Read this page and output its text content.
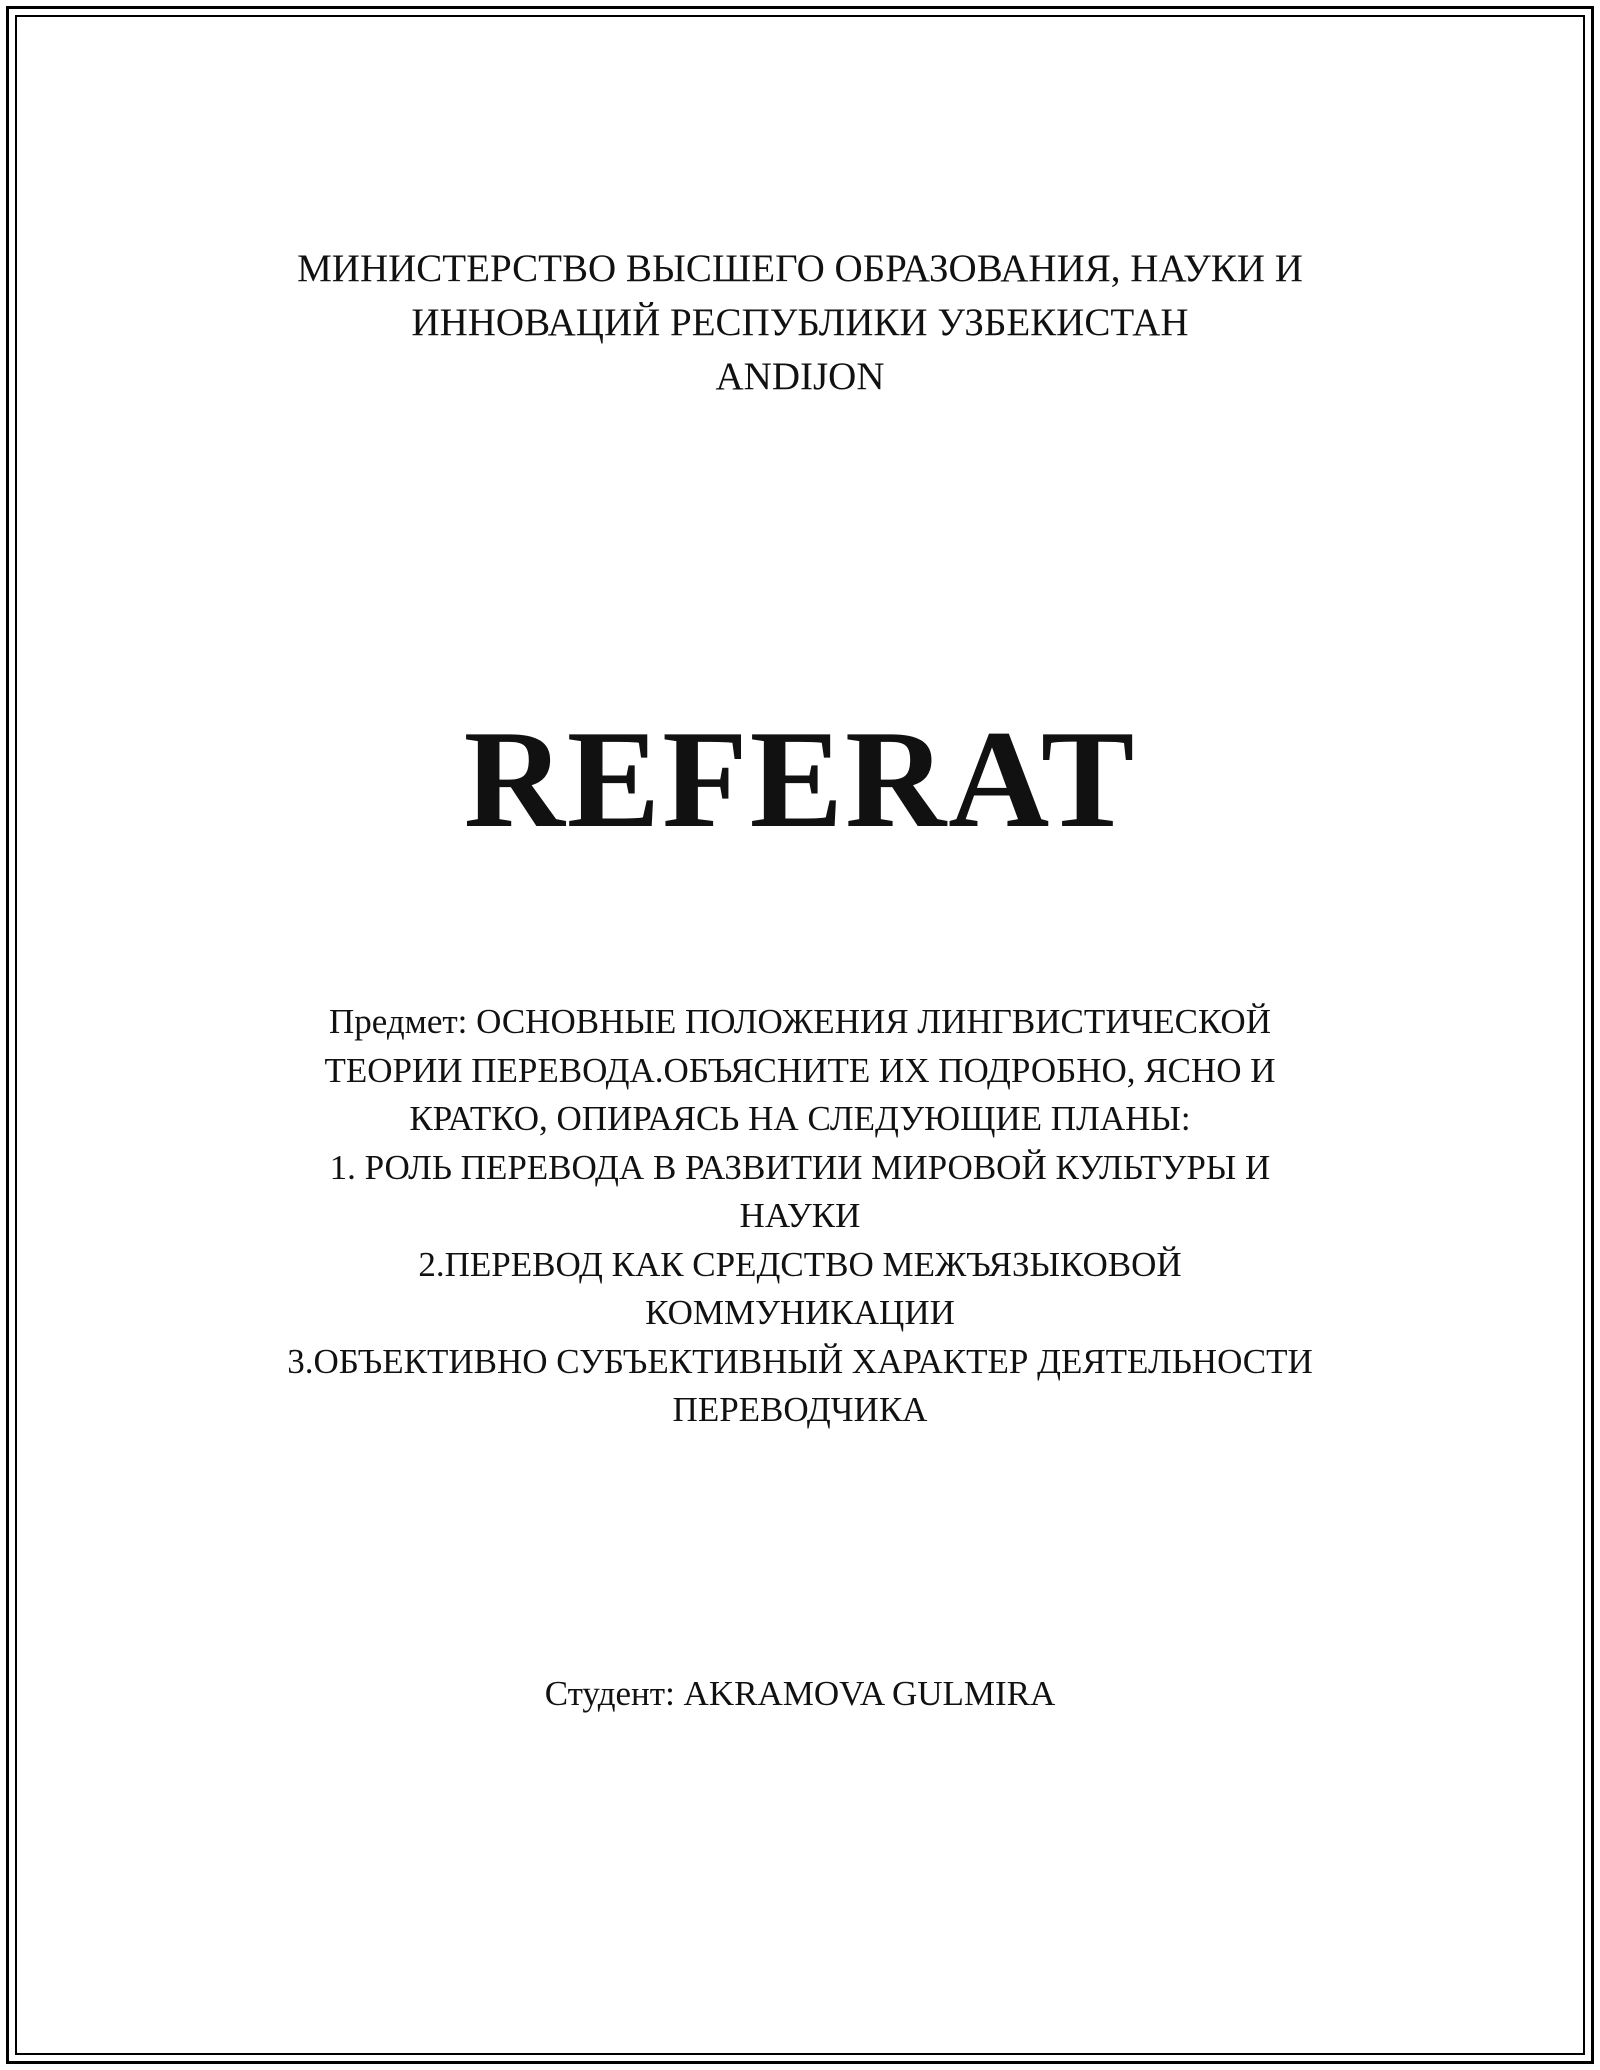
МИНИСТЕРСТВО ВЫСШЕГО ОБРАЗОВАНИЯ, НАУКИ И
ИННОВАЦИЙ РЕСПУБЛИКИ УЗБЕКИСТАН
ANDIJON
REFERAT
Предмет: ОСНОВНЫЕ ПОЛОЖЕНИЯ ЛИНГВИСТИЧЕСКОЙ
ТЕОРИИ ПЕРЕВОДА.ОБЪЯСНИТЕ ИХ ПОДРОБНО, ЯСНО И
КРАТКО, ОПИРАЯСЬ НА СЛЕДУЮЩИЕ ПЛАНЫ:
1. РОЛЬ ПЕРЕВОДА В РАЗВИТИИ МИРОВОЙ КУЛЬТУРЫ И
НАУКИ
2.ПЕРЕВОД КАК СРЕДСТВО МЕЖЪЯЗЫКОВОЙ
КОММУНИКАЦИИ
3.ОБЪЕКТИВНО СУБЪЕКТИВНЫЙ ХАРАКТЕР ДЕЯТЕЛЬНОСТИ
ПЕРЕВОДЧИКА
Студент: AKRAMOVA GULMIRA
